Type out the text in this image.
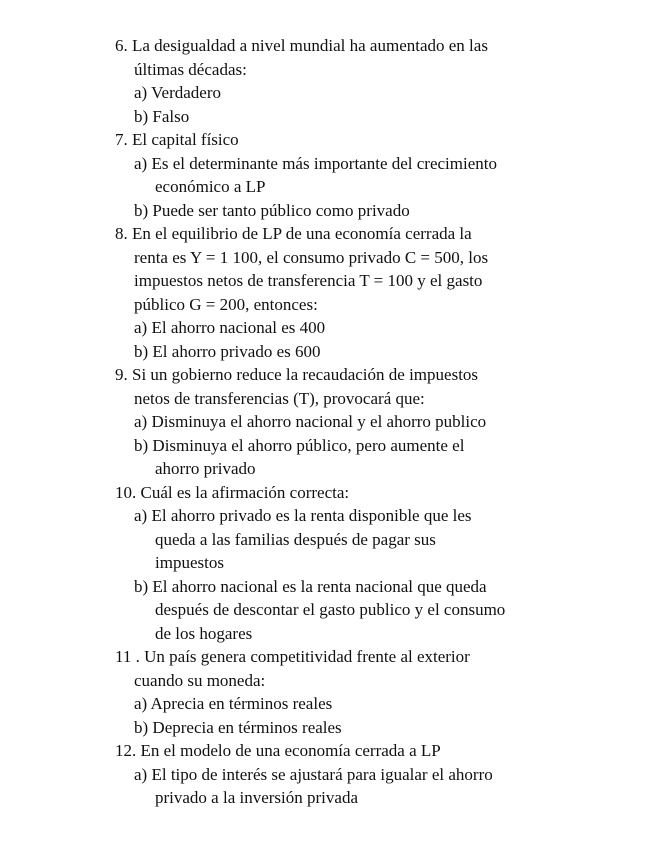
6. La desigualdad a nivel mundial ha aumentado en las
últimas décadas:
a) Verdadero
b) Falso
7. El capital físico
a) Es el determinante más importante del crecimiento
económico a LP
b) Puede ser tanto público como privado
8. En el equilibrio de LP de una economía cerrada la
renta es Y = 1 100, el consumo privado C = 500, los
impuestos netos de transferencia T = 100 y el gasto
público G = 200, entonces:
a) El ahorro nacional es 400
b) El ahorro privado es 600
9. Si un gobierno reduce la recaudación de impuestos
netos de transferencias (T), provocará que:
a) Disminuya el ahorro nacional y el ahorro publico
b) Disminuya el ahorro público, pero aumente el
ahorro privado
10. Cuál es la afirmación correcta:
a) El ahorro privado es la renta disponible que les
queda a las familias después de pagar sus
impuestos
b) El ahorro nacional es la renta nacional que queda
después de descontar el gasto publico y el consumo
de los hogares
11 . Un país genera competitividad frente al exterior
cuando su moneda:
a) Aprecia en términos reales
b) Deprecia en términos reales
12. En el modelo de una economía cerrada a LP
a) El tipo de interés se ajustará para igualar el ahorro
privado a la inversión privada
